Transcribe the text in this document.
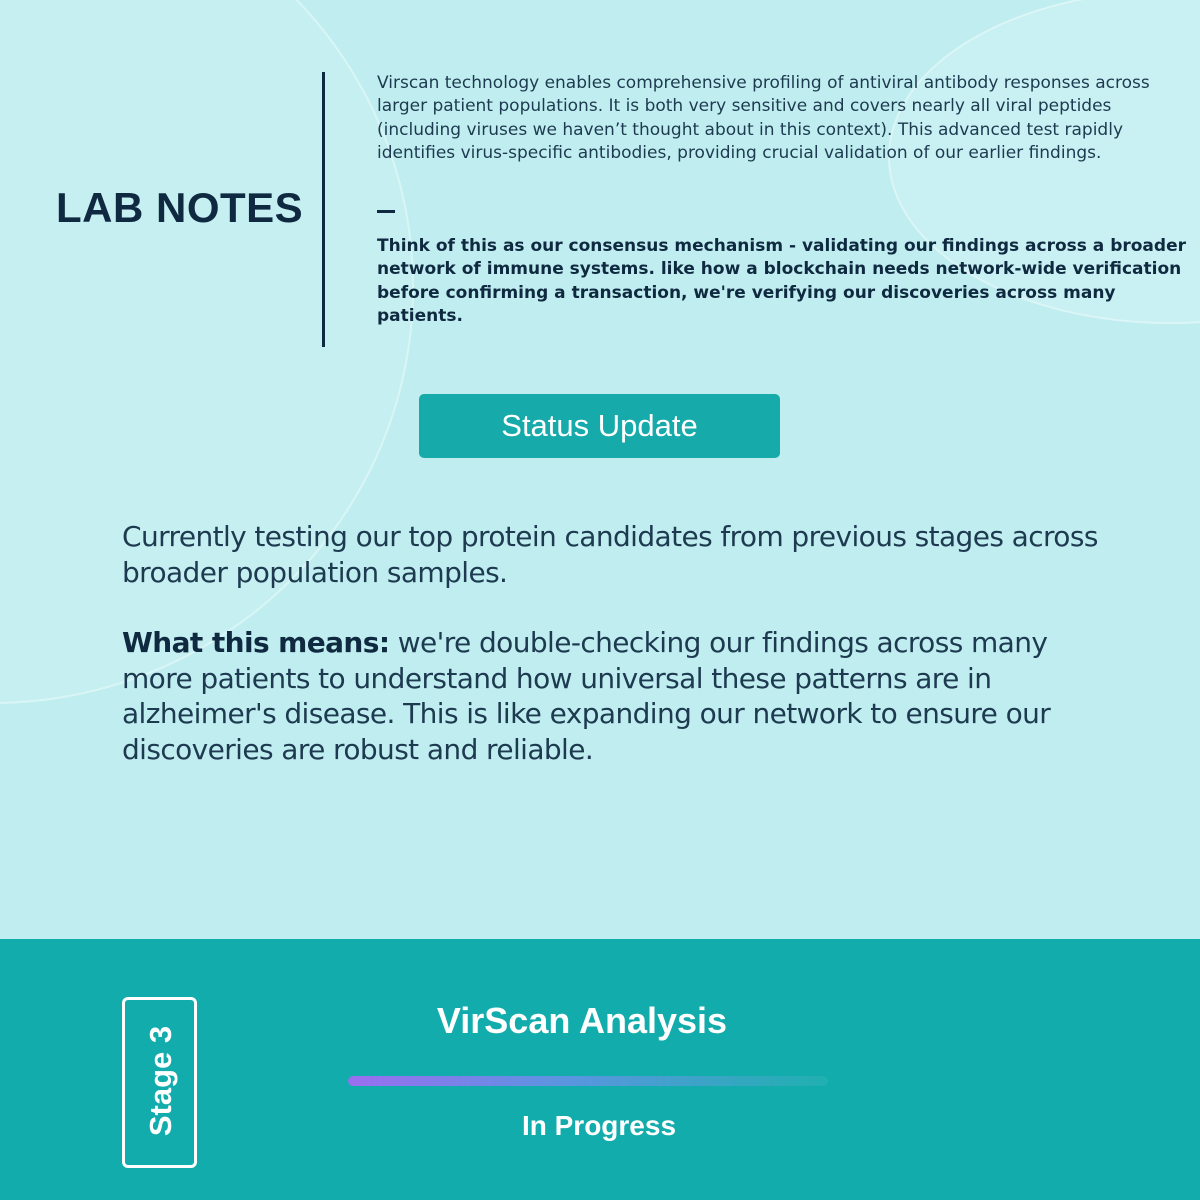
LAB NOTES

Virscan technology enables comprehensive profiling of antiviral antibody responses across larger patient populations. It is both very sensitive and covers nearly all viral peptides (including viruses we haven’t thought about in this context). This advanced test rapidly identifies virus-specific antibodies, providing crucial validation of our earlier findings.

Think of this as our consensus mechanism - validating our findings across a broader network of immune systems. like how a blockchain needs network-wide verification before confirming a transaction, we're verifying our discoveries across many patients.

Status Update

Currently testing our top protein candidates from previous stages across broader population samples.

What this means: we're double-checking our findings across many more patients to understand how universal these patterns are in alzheimer's disease. This is like expanding our network to ensure our discoveries are robust and reliable.

Stage 3
VirScan Analysis
In Progress
